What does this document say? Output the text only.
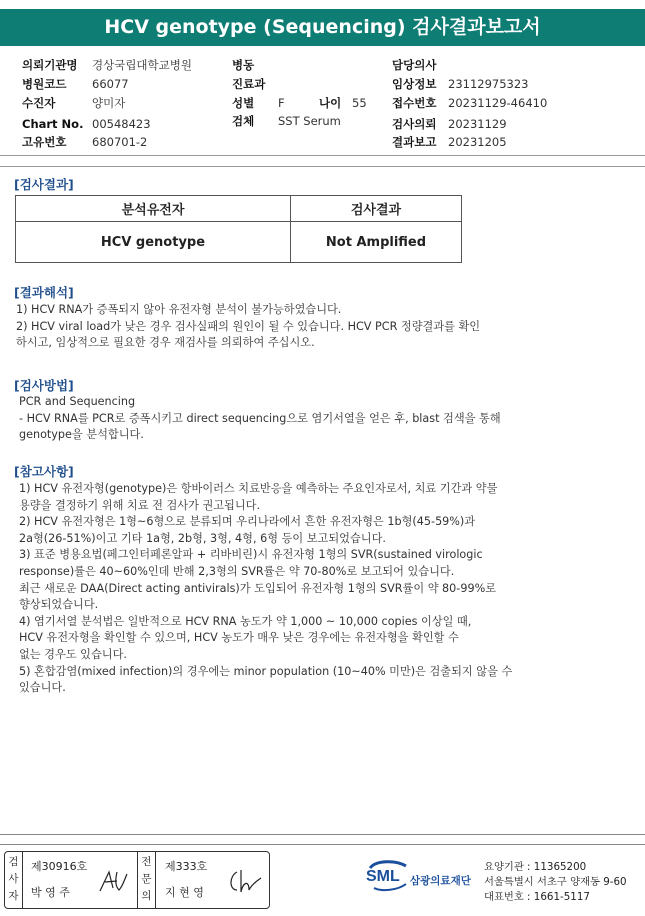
HCV genotype (Sequencing) 검사결과보고서
의뢰기관명 경상국립대학교병원
병원코드 66077
수진자	양미자
Chart No. 00548423
고유번호 680701-2
병동
진료과
성별 F	나이 55
검체 SST Serum
담당의사
임상정보 23112975323
접수번호 20231129-46410
검사의뢰 20231129
결과보고 20231205
[검사결과]
분석유전자	검사결과
HCV genotype	Not Amplified
[결과해석]
1) HCV RNA가 증폭되지 않아 유전자형 분석이 불가능하였습니다.
2) HCV viral load가 낮은 경우 검사실패의 원인이 될 수 있습니다. HCV PCR 정량결과를 확인
하시고, 임상적으로 필요한 경우 재검사를 의뢰하여 주십시오.
[검사방법]
PCR and Sequencing
- HCV RNA를 PCR로 증폭시키고 direct sequencing으로 염기서열을 얻은 후, blast 검색을 통해
genotype을 분석합니다.
[참고사항]
1) HCV 유전자형(genotype)은 항바이러스 치료반응을 예측하는 주요인자로서, 치료 기간과 약물
용량을 결정하기 위해 치료 전 검사가 권고됩니다.
2) HCV 유전자형은 1형~6형으로 분류되며 우리나라에서 흔한 유전자형은 1b형(45-59%)과
2a형(26-51%)이고 기타 1a형, 2b형, 3형, 4형, 6형 등이 보고되었습니다.
3) 표준 병용요법(페그인터페론알파 + 리바비린)시 유전자형 1형의 SVR(sustained virologic
response)률은 40~60%인데 반해 2,3형의 SVR률은 약 70-80%로 보고되어 있습니다.
최근 새로운 DAA(Direct acting antivirals)가 도입되어 유전자형 1형의 SVR률이 약 80-99%로
향상되었습니다.
4) 염기서열 분석법은 일반적으로 HCV RNA 농도가 약 1,000 ~ 10,000 copies 이상일 때,
HCV 유전자형을 확인할 수 있으며, HCV 농도가 매우 낮은 경우에는 유전자형을 확인할 수
없는 경우도 있습니다.
5) 혼합감염(mixed infection)의 경우에는 minor population (10~40% 미만)은 검출되지 않을 수
있습니다.
검
사
자
제30916호
박 영 주
전
문
의
제333호
지 현 영
SML 삼광의료재단
요양기관 : 11365200
서울특별시 서초구 양재동 9-60
대표번호 : 1661-5117
